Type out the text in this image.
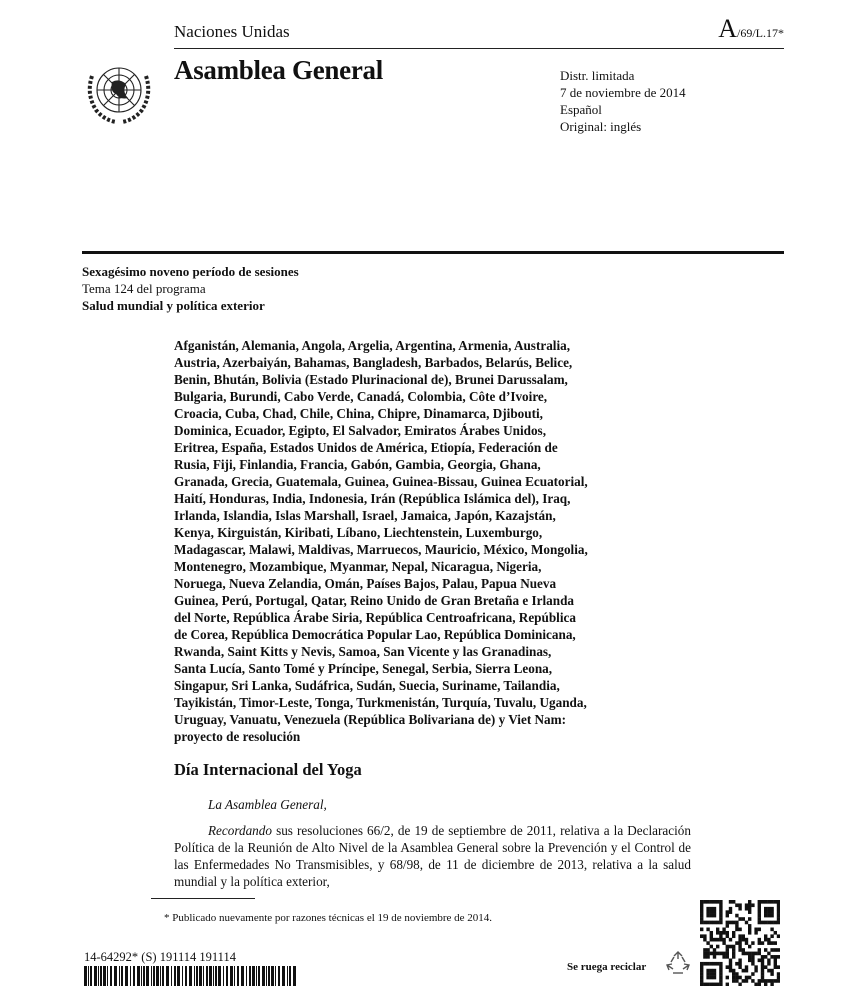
Naciones Unidas	A/69/L.17*
Asamblea General	Distr. limitada
7 de noviembre de 2014
Español
Original: inglés
Sexagésimo noveno período de sesiones
Tema 124 del programa
Salud mundial y política exterior
Afganistán, Alemania, Angola, Argelia, Argentina, Armenia, Australia,
Austria, Azerbaiyán, Bahamas, Bangladesh, Barbados, Belarús, Belice,
Benin, Bhután, Bolivia (Estado Plurinacional de), Brunei Darussalam,
Bulgaria, Burundi, Cabo Verde, Canadá, Colombia, Côte d’Ivoire,
Croacia, Cuba, Chad, Chile, China, Chipre, Dinamarca, Djibouti,
Dominica, Ecuador, Egipto, El Salvador, Emiratos Árabes Unidos,
Eritrea, España, Estados Unidos de América, Etiopía, Federación de
Rusia, Fiji, Finlandia, Francia, Gabón, Gambia, Georgia, Ghana,
Granada, Grecia, Guatemala, Guinea, Guinea-Bissau, Guinea Ecuatorial,
Haití, Honduras, India, Indonesia, Irán (República Islámica del), Iraq,
Irlanda, Islandia, Islas Marshall, Israel, Jamaica, Japón, Kazajstán,
Kenya, Kirguistán, Kiribati, Líbano, Liechtenstein, Luxemburgo,
Madagascar, Malawi, Maldivas, Marruecos, Mauricio, México, Mongolia,
Montenegro, Mozambique, Myanmar, Nepal, Nicaragua, Nigeria,
Noruega, Nueva Zelandia, Omán, Países Bajos, Palau, Papua Nueva
Guinea, Perú, Portugal, Qatar, Reino Unido de Gran Bretaña e Irlanda
del Norte, República Árabe Siria, República Centroafricana, República
de Corea, República Democrática Popular Lao, República Dominicana,
Rwanda, Saint Kitts y Nevis, Samoa, San Vicente y las Granadinas,
Santa Lucía, Santo Tomé y Príncipe, Senegal, Serbia, Sierra Leona,
Singapur, Sri Lanka, Sudáfrica, Sudán, Suecia, Suriname, Tailandia,
Tayikistán, Timor-Leste, Tonga, Turkmenistán, Turquía, Tuvalu, Uganda,
Uruguay, Vanuatu, Venezuela (República Bolivariana de) y Viet Nam:
proyecto de resolución
Día Internacional del Yoga
La Asamblea General,
Recordando sus resoluciones 66/2, de 19 de septiembre de 2011, relativa a la Declaración Política de la Reunión de Alto Nivel de la Asamblea General sobre la Prevención y el Control de las Enfermedades No Transmisibles, y 68/98, de 11 de diciembre de 2013, relativa a la salud mundial y la política exterior,
* Publicado nuevamente por razones técnicas el 19 de noviembre de 2014.
14-64292* (S) 191114 191114
Se ruega reciclar
